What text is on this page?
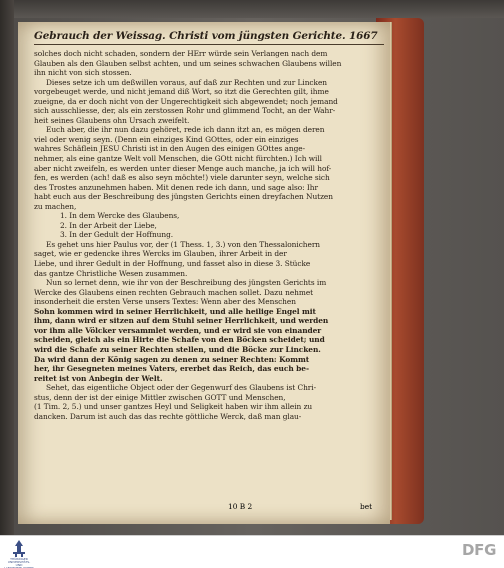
Gebrauch der Weissag. Christi vom jüngsten Gerichte. 1667
solches doch nicht schaden, sondern der HErr würde sein Verlangen nach dem
Glauben als den Glauben selbst achten, und um seines schwachen Glaubens willen
ihn nicht von sich stossen.
Dieses setze ich um deßwillen voraus, auf daß zur Rechten und zur Lincken
vorgebeuget werde, und nicht jemand diß Wort, so itzt die Gerechten gilt, ihme
zueigne, da er doch nicht von der Ungerechtigkeit sich abgewendet; noch jemand
sich ausschliesse, der, als ein zerstossen Rohr und glimmend Tocht, an der Wahr-
heit seines Glaubens ohn Ursach zweifelt.
Euch aber, die ihr nun dazu gehöret, rede ich dann itzt an, es mögen deren
viel oder wenig seyn. (Denn ein einziges Kind GOttes, oder ein einziges
wahres Schäflein JESU Christi ist in den Augen des einigen GOttes ange-
nehmer, als eine gantze Welt voll Menschen, die GOtt nicht fürchten.) Ich will
aber nicht zweifeln, es werden unter dieser Menge auch manche, ja ich will hof-
fen, es werden (ach! daß es also seyn möchte!) viele darunter seyn, welche sich
des Trostes anzunehmen haben. Mit denen rede ich dann, und sage also: Ihr
habt euch aus der Beschreibung des jüngsten Gerichts einen dreyfachen Nutzen
zu machen,
1. In dem Wercke des Glaubens,
2. In der Arbeit der Liebe,
3. In der Gedult der Hoffnung.
Es gehet uns hier Paulus vor, der (1 Thess. 1, 3.) von den Thessalonichern
saget, wie er gedencke ihres Wercks im Glauben, ihrer Arbeit in der
Liebe, und ihrer Gedult in der Hoffnung, und fasset also in diese 3. Stücke
das gantze Christliche Wesen zusammen.
Nun so lernet denn, wie ihr von der Beschreibung des jüngsten Gerichts im
Wercke des Glaubens einen rechten Gebrauch machen sollet. Dazu nehmet
insonderheit die ersten Verse unsers Textes: Wenn aber des Menschen
Sohn kommen wird in seiner Herrlichkeit, und alle heilige Engel mit
ihm, dann wird er sitzen auf dem Stuhl seiner Herrlichkeit, und werden
vor ihm alle Völcker versammlet werden, und er wird sie von einander
scheiden, gleich als ein Hirte die Schafe von den Böcken scheidet; und
wird die Schafe zu seiner Rechten stellen, und die Böcke zur Lincken.
Da wird dann der König sagen zu denen zu seiner Rechten: Kommt
her, ihr Gesegneten meines Vaters, ererbet das Reich, das euch be-
reitet ist von Anbegin der Welt.
Sehet, das eigentliche Object oder der Gegenwurf des Glaubens ist Chri-
stus, denn der ist der einige Mittler zwischen GOTT und Menschen,
(1 Tim. 2, 5.) und unser gantzes Heyl und Seligkeit haben wir ihm allein zu
dancken. Darum ist auch das das rechte göttliche Werck, daß man glau-
10 B 2	bet
THÜRINGER UNIVERSITÄTS- UND LANDESBIBLIOTHEK
DFG
